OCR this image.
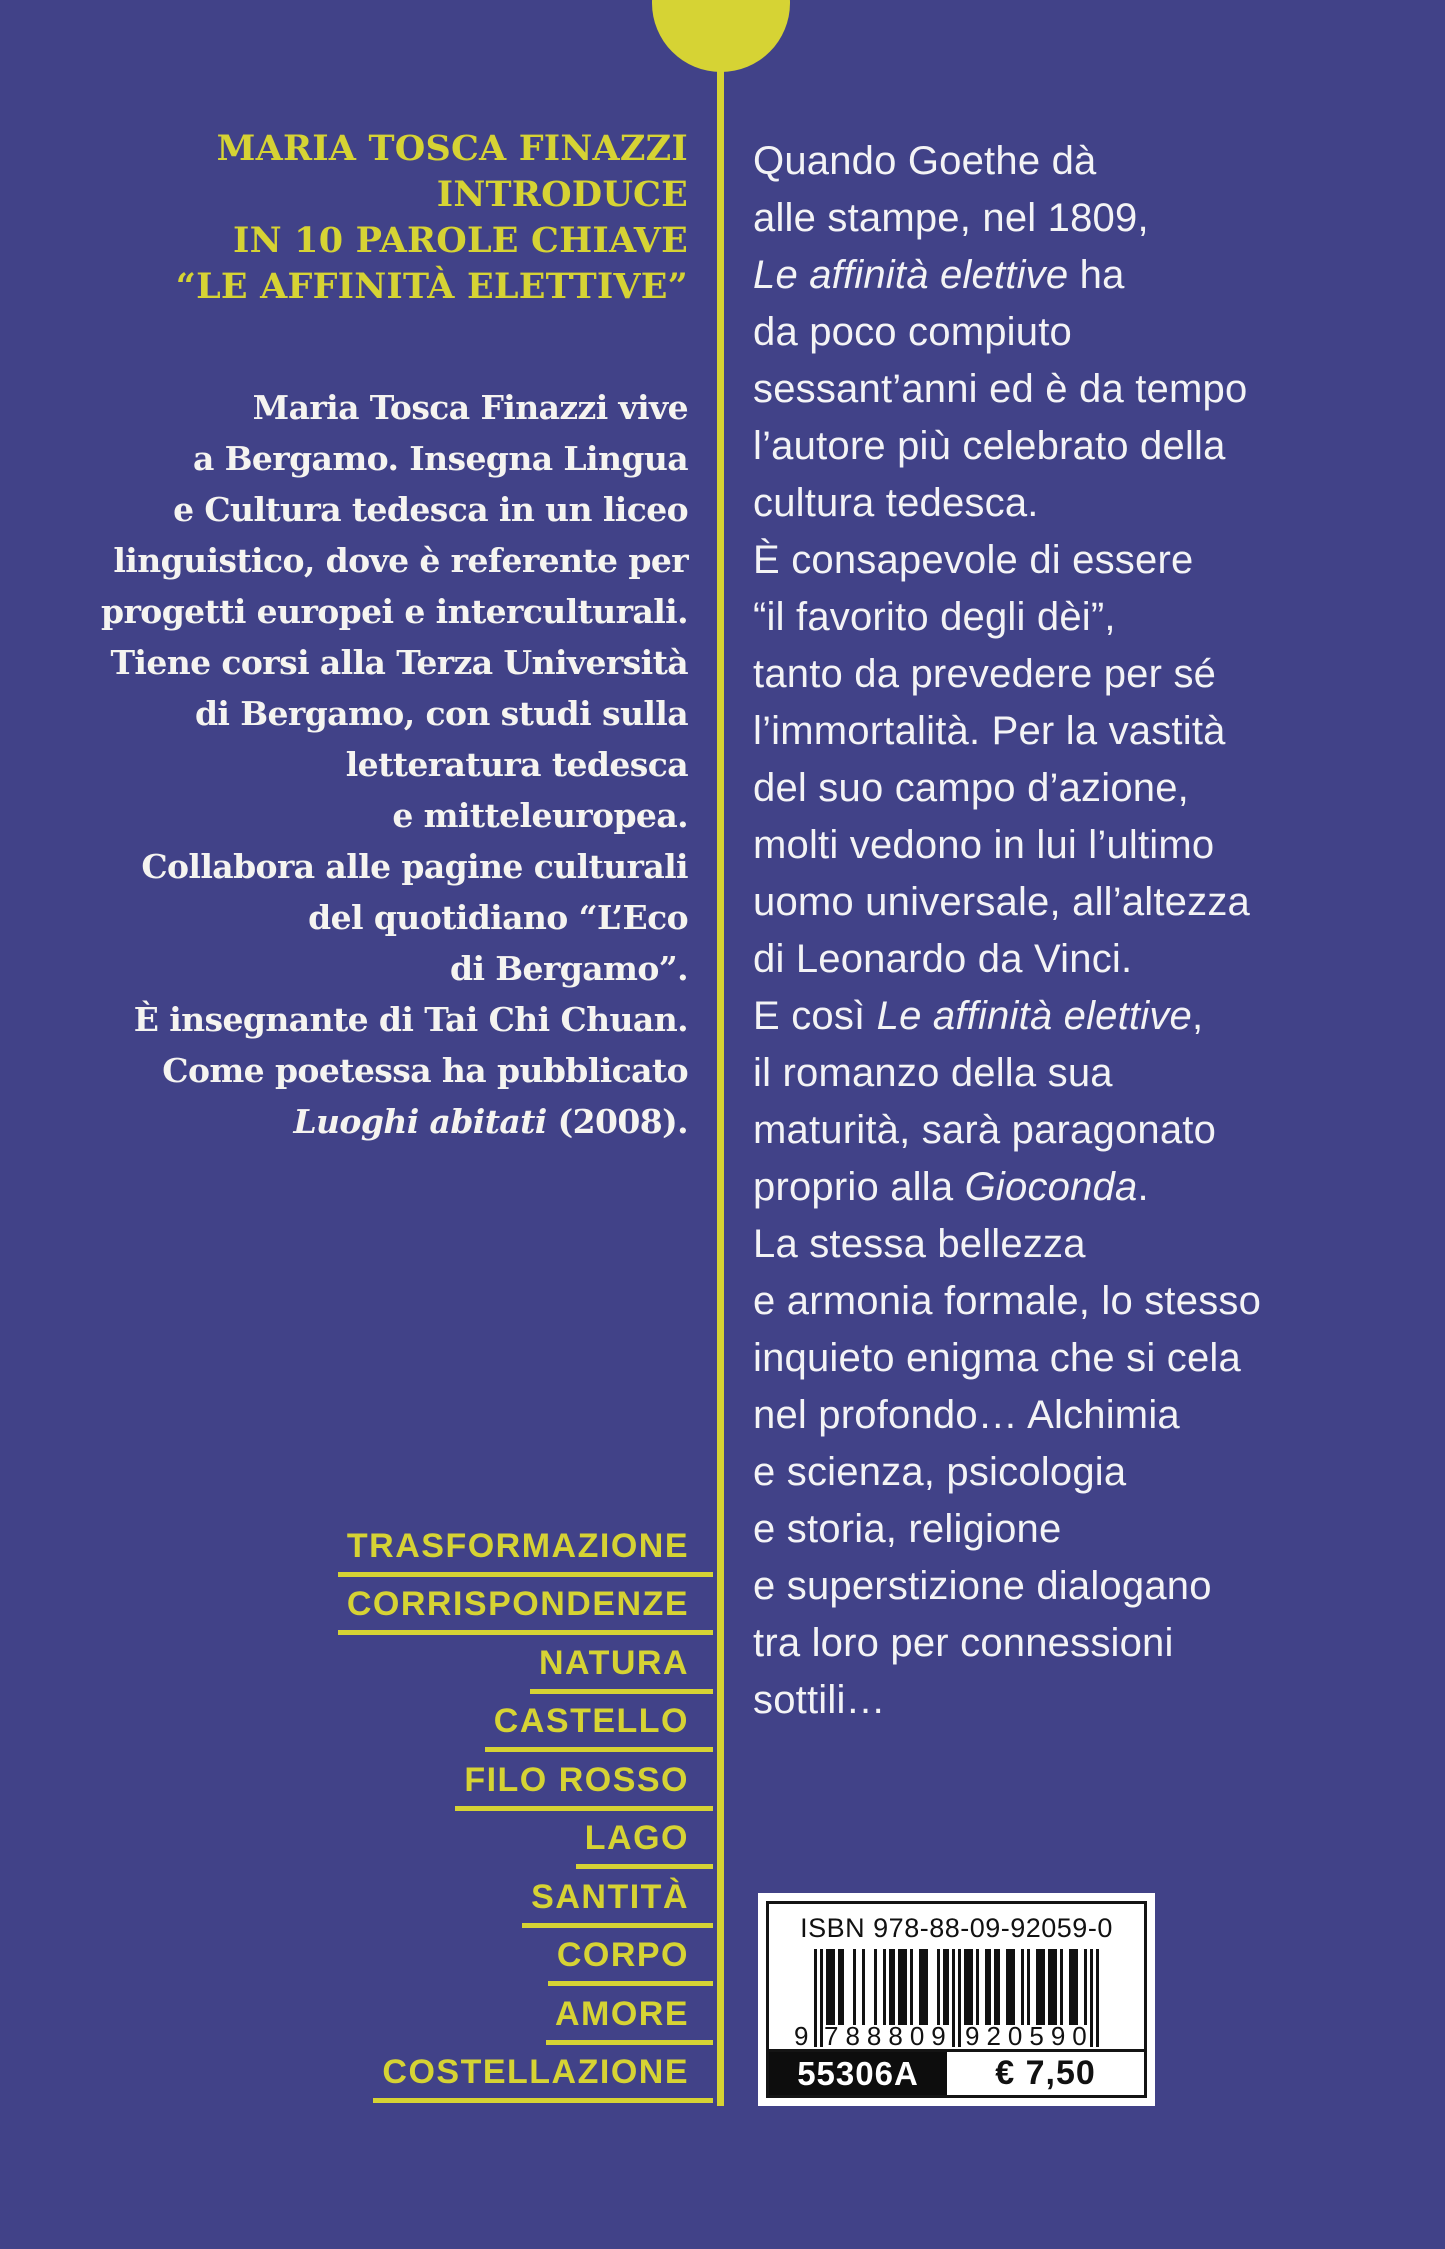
MARIA TOSCA FINAZZI
INTRODUCE
IN 10 PAROLE CHIAVE
“LE AFFINITÀ ELETTIVE”
Maria Tosca Finazzi vive
a Bergamo. Insegna Lingua
e Cultura tedesca in un liceo
linguistico, dove è referente per
progetti europei e interculturali.
Tiene corsi alla Terza Università
di Bergamo, con studi sulla
letteratura tedesca
e mitteleuropea.
Collabora alle pagine culturali
del quotidiano “L’Eco
di Bergamo”.
È insegnante di Tai Chi Chuan.
Come poetessa ha pubblicato
Luoghi abitati (2008).
TRASFORMAZIONE
CORRISPONDENZE
NATURA
CASTELLO
FILO ROSSO
LAGO
SANTITÀ
CORPO
AMORE
COSTELLAZIONE
Quando Goethe dà
alle stampe, nel 1809,
Le affinità elettive ha
da poco compiuto
sessant’anni ed è da tempo
l’autore più celebrato della
cultura tedesca.
È consapevole di essere
“il favorito degli dèi”,
tanto da prevedere per sé
l’immortalità. Per la vastità
del suo campo d’azione,
molti vedono in lui l’ultimo
uomo universale, all’altezza
di Leonardo da Vinci.
E così Le affinità elettive,
il romanzo della sua
maturità, sarà paragonato
proprio alla Gioconda.
La stessa bellezza
e armonia formale, lo stesso
inquieto enigma che si cela
nel profondo… Alchimia
e scienza, psicologia
e storia, religione
e superstizione dialogano
tra loro per connessioni
sottili…
ISBN 978-88-09-92059-0
9 788809 920590
55306A	€ 7,50
